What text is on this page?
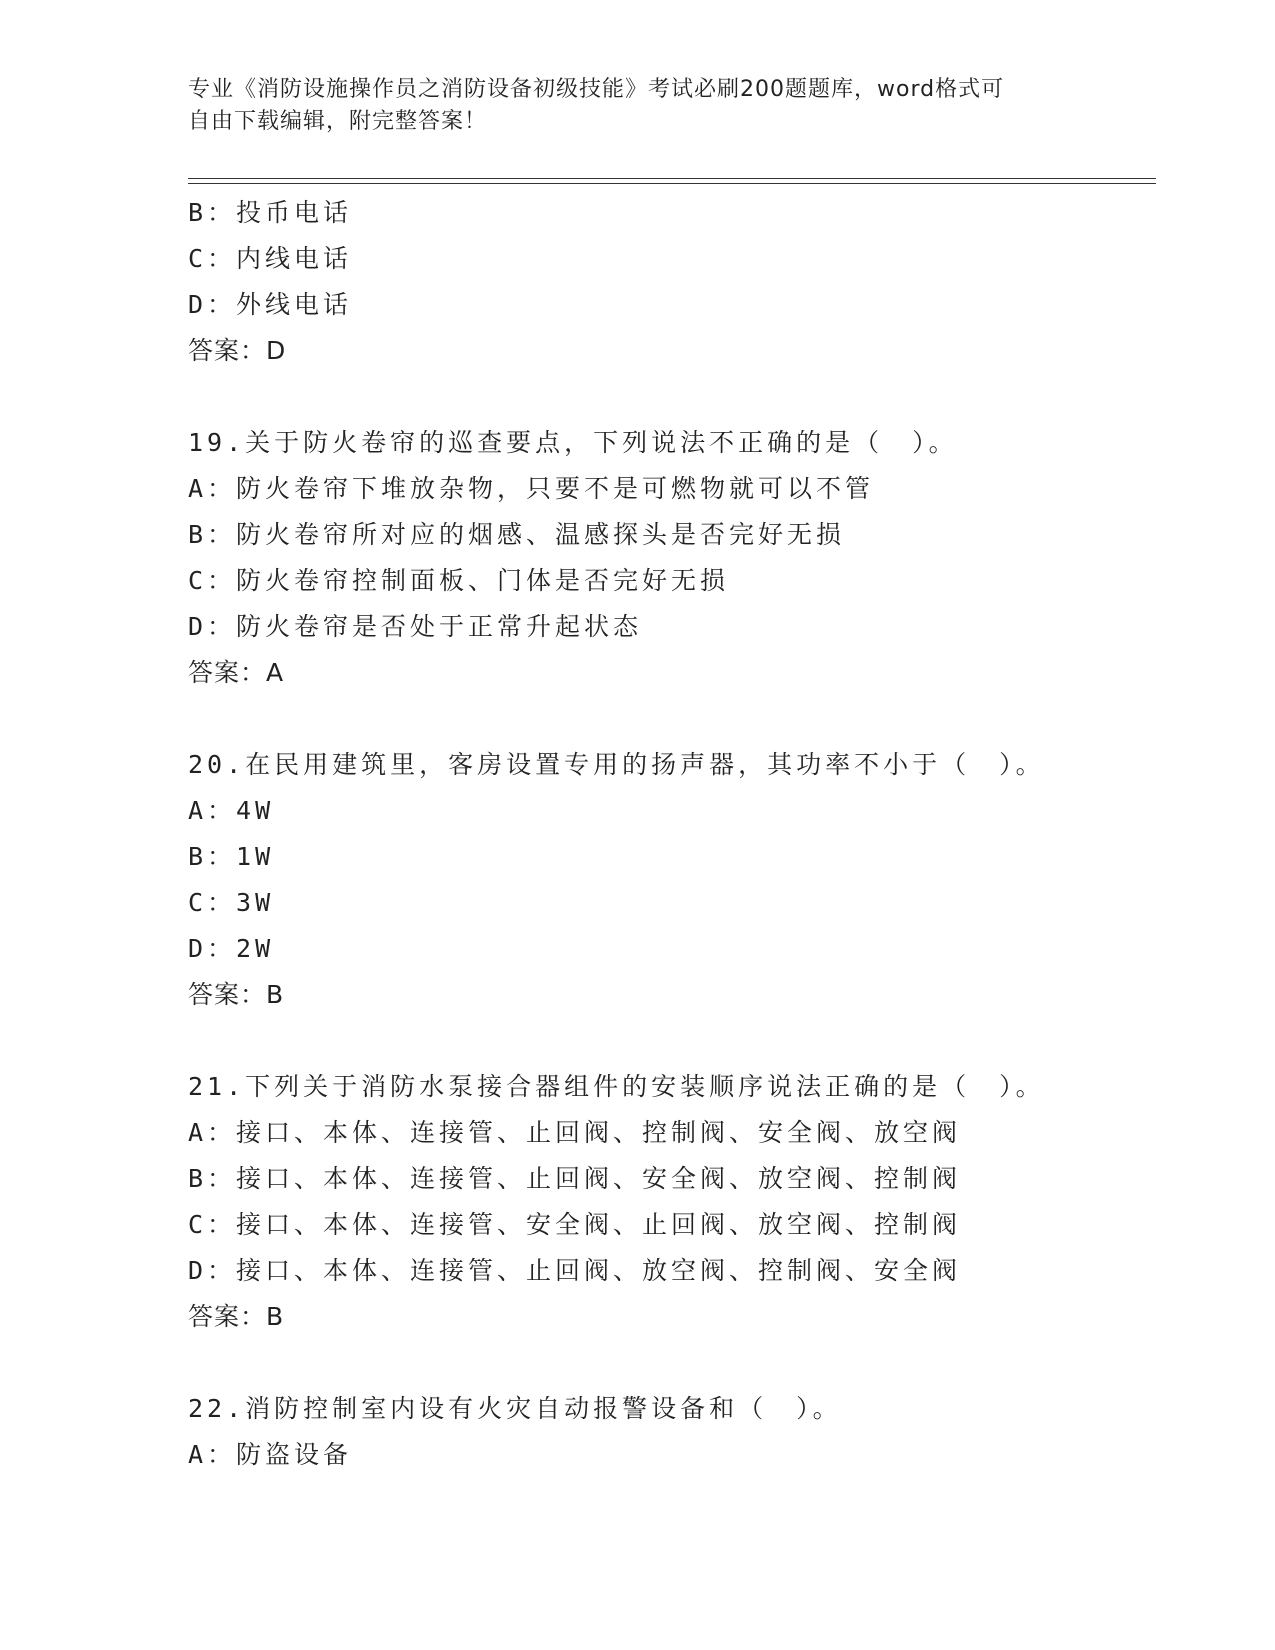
专业《消防设施操作员之消防设备初级技能》考试必刷200题题库，word格式可
自由下载编辑，附完整答案！
B：投币电话
C：内线电话
D：外线电话
答案：D
19.关于防火卷帘的巡查要点，下列说法不正确的是（　）。
A：防火卷帘下堆放杂物，只要不是可燃物就可以不管
B：防火卷帘所对应的烟感、温感探头是否完好无损
C：防火卷帘控制面板、门体是否完好无损
D：防火卷帘是否处于正常升起状态
答案：A
20.在民用建筑里，客房设置专用的扬声器，其功率不小于（　）。
A：4W
B：1W
C：3W
D：2W
答案：B
21.下列关于消防水泵接合器组件的安装顺序说法正确的是（　）。
A：接口、本体、连接管、止回阀、控制阀、安全阀、放空阀
B：接口、本体、连接管、止回阀、安全阀、放空阀、控制阀
C：接口、本体、连接管、安全阀、止回阀、放空阀、控制阀
D：接口、本体、连接管、止回阀、放空阀、控制阀、安全阀
答案：B
22.消防控制室内设有火灾自动报警设备和（　）。
A：防盗设备
